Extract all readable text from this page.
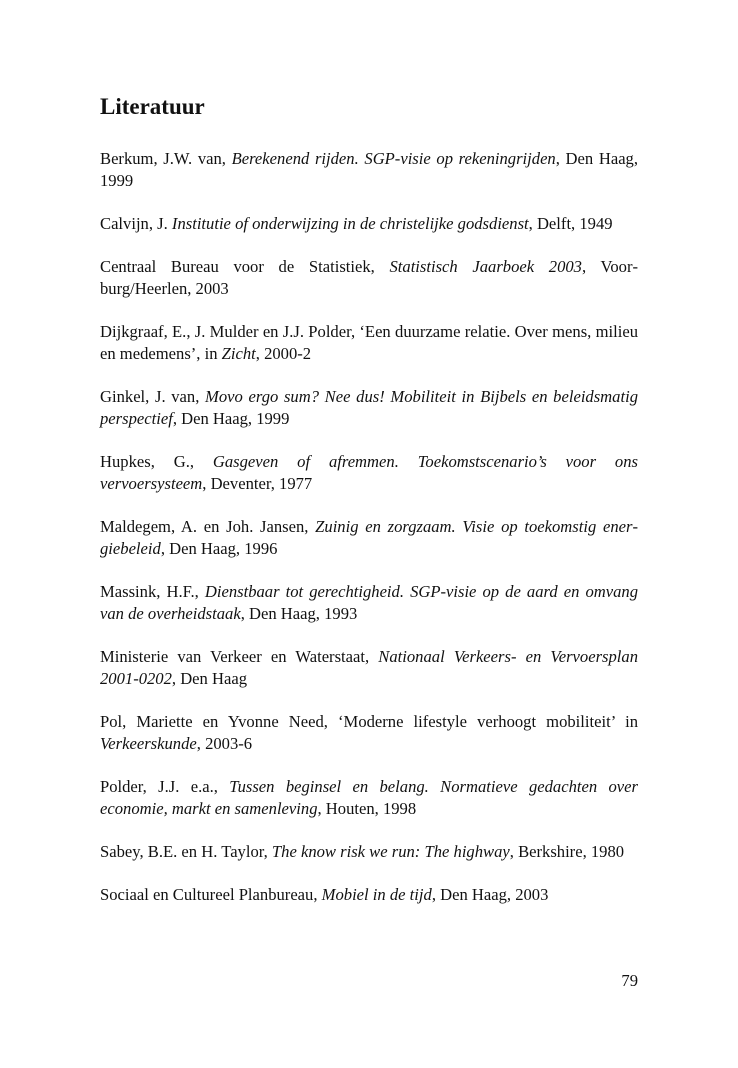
Literatuur
Berkum, J.W. van, Berekenend rijden. SGP-visie op rekeningrijden, Den Haag, 1999
Calvijn, J. Institutie of onderwijzing in de christelijke godsdienst, Delft, 1949
Centraal Bureau voor de Statistiek, Statistisch Jaarboek 2003, Voorburg/Heerlen, 2003
Dijkgraaf, E., J. Mulder en J.J. Polder, ‘Een duurzame relatie. Over mens, milieu en medemens’, in Zicht, 2000-2
Ginkel, J. van, Movo ergo sum? Nee dus! Mobiliteit in Bijbels en beleidsmatig perspectief, Den Haag, 1999
Hupkes, G., Gasgeven of afremmen. Toekomstscenario’s voor ons vervoersysteem, Deventer, 1977
Maldegem, A. en Joh. Jansen, Zuinig en zorgzaam. Visie op toekomstig energiebeleid, Den Haag, 1996
Massink, H.F., Dienstbaar tot gerechtigheid. SGP-visie op de aard en omvang van de overheidstaak, Den Haag, 1993
Ministerie van Verkeer en Waterstaat, Nationaal Verkeers- en Vervoersplan 2001-0202, Den Haag
Pol, Mariette en Yvonne Need, ‘Moderne lifestyle verhoogt mobiliteit’ in Verkeerskunde, 2003-6
Polder, J.J. e.a., Tussen beginsel en belang. Normatieve gedachten over economie, markt en samenleving, Houten, 1998
Sabey, B.E. en H. Taylor, The know risk we run: The highway, Berkshire, 1980
Sociaal en Cultureel Planbureau, Mobiel in de tijd, Den Haag, 2003
79
